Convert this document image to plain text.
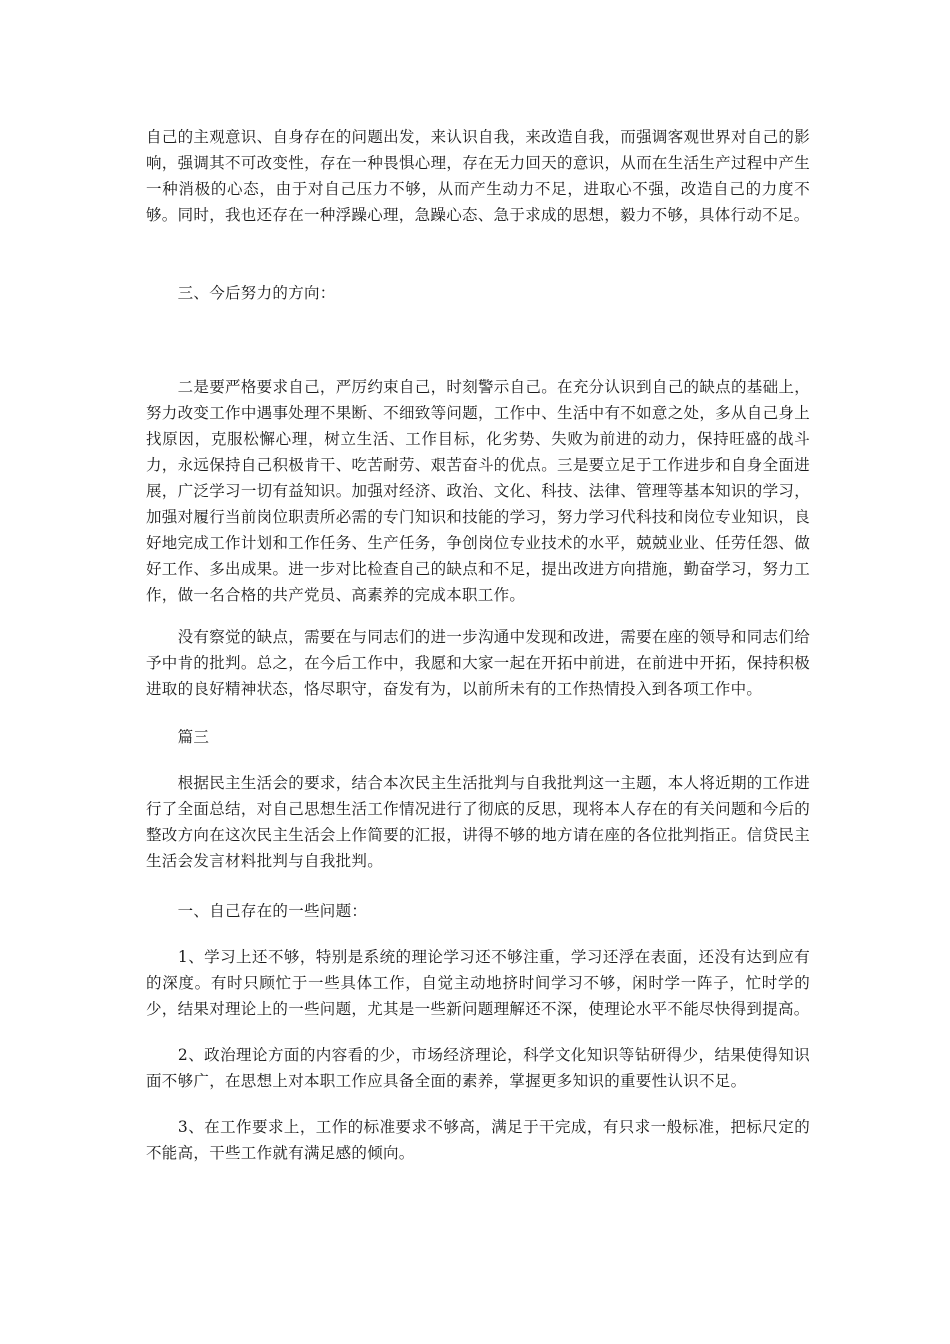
自己的主观意识、自身存在的问题出发，来认识自我，来改造自我，而强调客观世界对自己的影响，强调其不可改变性，存在一种畏惧心理，存在无力回天的意识，从而在生活生产过程中产生一种消极的心态，由于对自己压力不够，从而产生动力不足，进取心不强，改造自己的力度不够。同时，我也还存在一种浮躁心理，急躁心态、急于求成的思想，毅力不够，具体行动不足。

　　三、今后努力的方向：

　　二是要严格要求自己，严厉约束自己，时刻警示自己。在充分认识到自己的缺点的基础上，努力改变工作中遇事处理不果断、不细致等问题，工作中、生活中有不如意之处，多从自己身上找原因，克服松懈心理，树立生活、工作目标，化劣势、失败为前进的动力，保持旺盛的战斗力，永远保持自己积极肯干、吃苦耐劳、艰苦奋斗的优点。三是要立足于工作进步和自身全面进展，广泛学习一切有益知识。加强对经济、政治、文化、科技、法律、管理等基本知识的学习，加强对履行当前岗位职责所必需的专门知识和技能的学习，努力学习代科技和岗位专业知识，良好地完成工作计划和工作任务、生产任务，争创岗位专业技术的水平，兢兢业业、任劳任怨、做好工作、多出成果。进一步对比检查自己的缺点和不足，提出改进方向措施，勤奋学习，努力工作，做一名合格的共产党员、高素养的完成本职工作。

　　没有察觉的缺点，需要在与同志们的进一步沟通中发现和改进，需要在座的领导和同志们给予中肯的批判。总之，在今后工作中，我愿和大家一起在开拓中前进，在前进中开拓，保持积极进取的良好精神状态，恪尽职守，奋发有为，以前所未有的工作热情投入到各项工作中。

　　篇三

　　根据民主生活会的要求，结合本次民主生活批判与自我批判这一主题，本人将近期的工作进行了全面总结，对自己思想生活工作情况进行了彻底的反思，现将本人存在的有关问题和今后的整改方向在这次民主生活会上作简要的汇报，讲得不够的地方请在座的各位批判指正。信贷民主生活会发言材料批判与自我批判。

　　一、自己存在的一些问题：

　　1、学习上还不够，特别是系统的理论学习还不够注重，学习还浮在表面，还没有达到应有的深度。有时只顾忙于一些具体工作，自觉主动地挤时间学习不够，闲时学一阵子，忙时学的少，结果对理论上的一些问题，尤其是一些新问题理解还不深，使理论水平不能尽快得到提高。

　　2、政治理论方面的内容看的少，市场经济理论，科学文化知识等钻研得少，结果使得知识面不够广，在思想上对本职工作应具备全面的素养，掌握更多知识的重要性认识不足。

　　3、在工作要求上，工作的标准要求不够高，满足于干完成，有只求一般标准，把标尺定的不能高，干些工作就有满足感的倾向。
